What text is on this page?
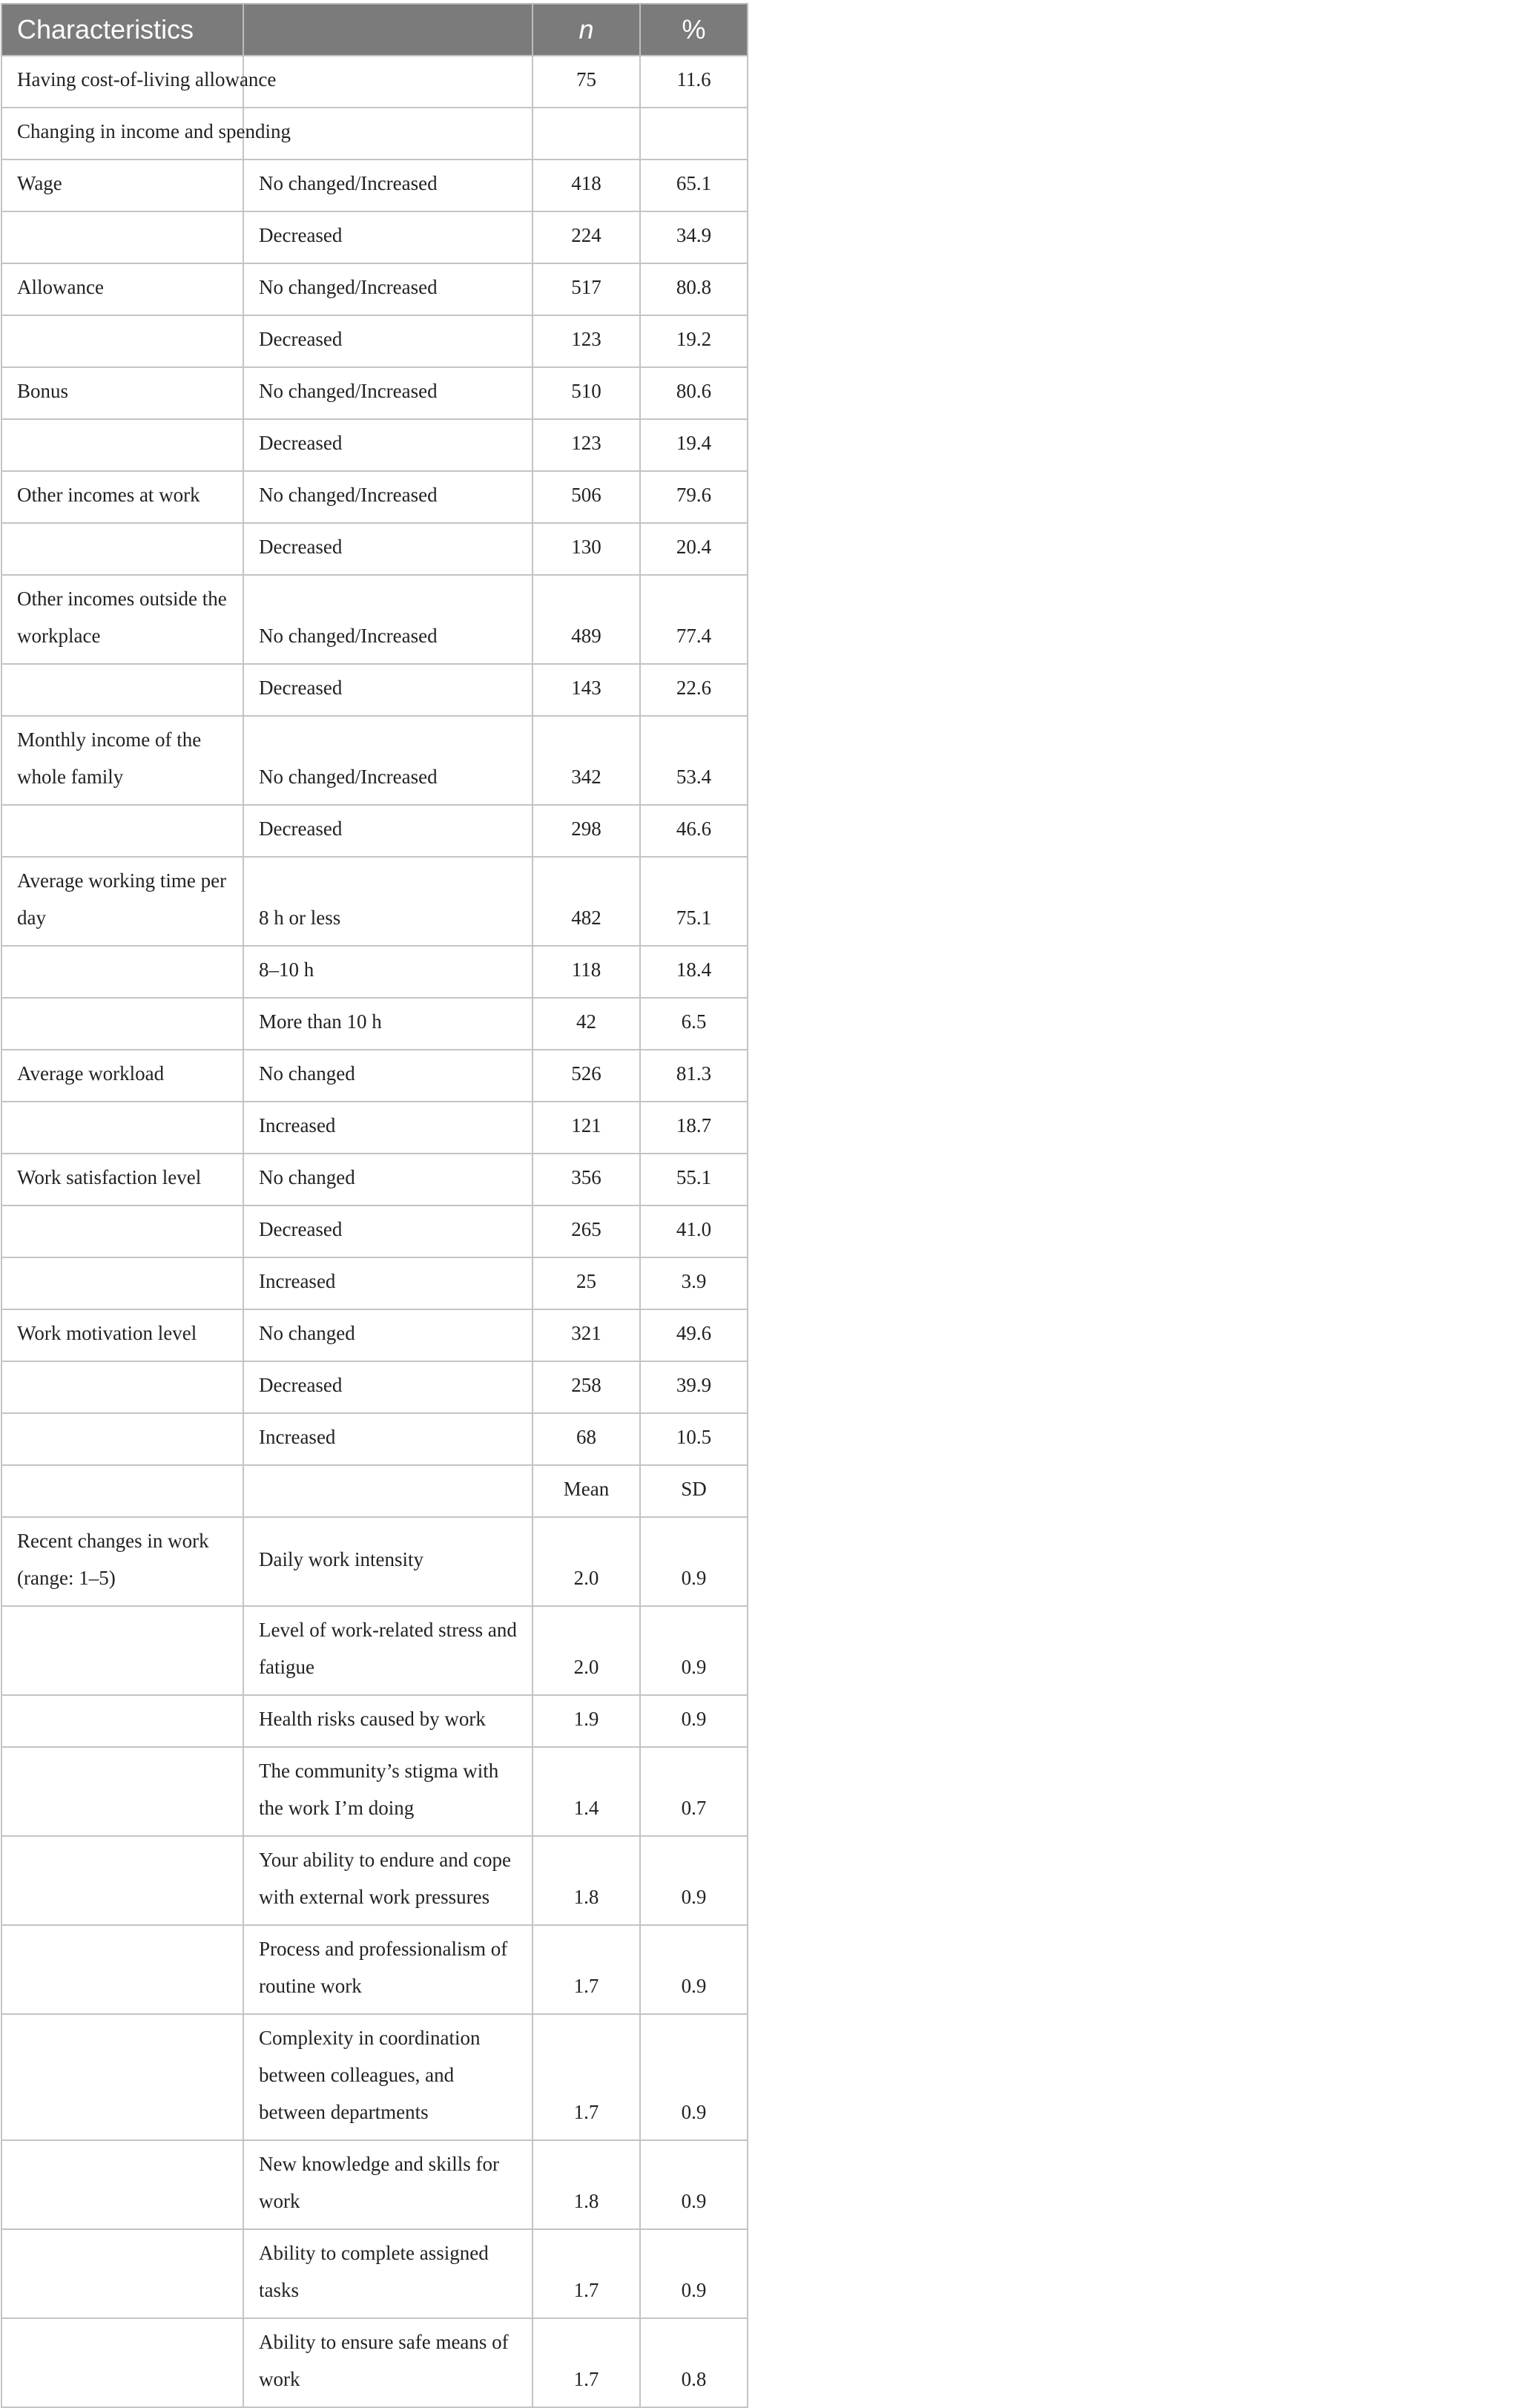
Characteristics		n	%
Having cost-of-living allowance		75	11.6
Changing in income and spending			
Wage	No changed/Increased	418	65.1
	Decreased	224	34.9
Allowance	No changed/Increased	517	80.8
	Decreased	123	19.2
Bonus	No changed/Increased	510	80.6
	Decreased	123	19.4
Other incomes at work	No changed/Increased	506	79.6
	Decreased	130	20.4
Other incomes outside the workplace	No changed/Increased	489	77.4
	Decreased	143	22.6
Monthly income of the whole family	No changed/Increased	342	53.4
	Decreased	298	46.6
Average working time per day	8 h or less	482	75.1
	8–10 h	118	18.4
	More than 10 h	42	6.5
Average workload	No changed	526	81.3
	Increased	121	18.7
Work satisfaction level	No changed	356	55.1
	Decreased	265	41.0
	Increased	25	3.9
Work motivation level	No changed	321	49.6
	Decreased	258	39.9
	Increased	68	10.5
		Mean	SD
Recent changes in work (range: 1–5)	Daily work intensity	2.0	0.9
	Level of work-related stress and fatigue	2.0	0.9
	Health risks caused by work	1.9	0.9
	The community’s stigma with the work I’m doing	1.4	0.7
	Your ability to endure and cope with external work pressures	1.8	0.9
	Process and professionalism of routine work	1.7	0.9
	Complexity in coordination between colleagues, and between departments	1.7	0.9
	New knowledge and skills for work	1.8	0.9
	Ability to complete assigned tasks	1.7	0.9
	Ability to ensure safe means of work	1.7	0.8
